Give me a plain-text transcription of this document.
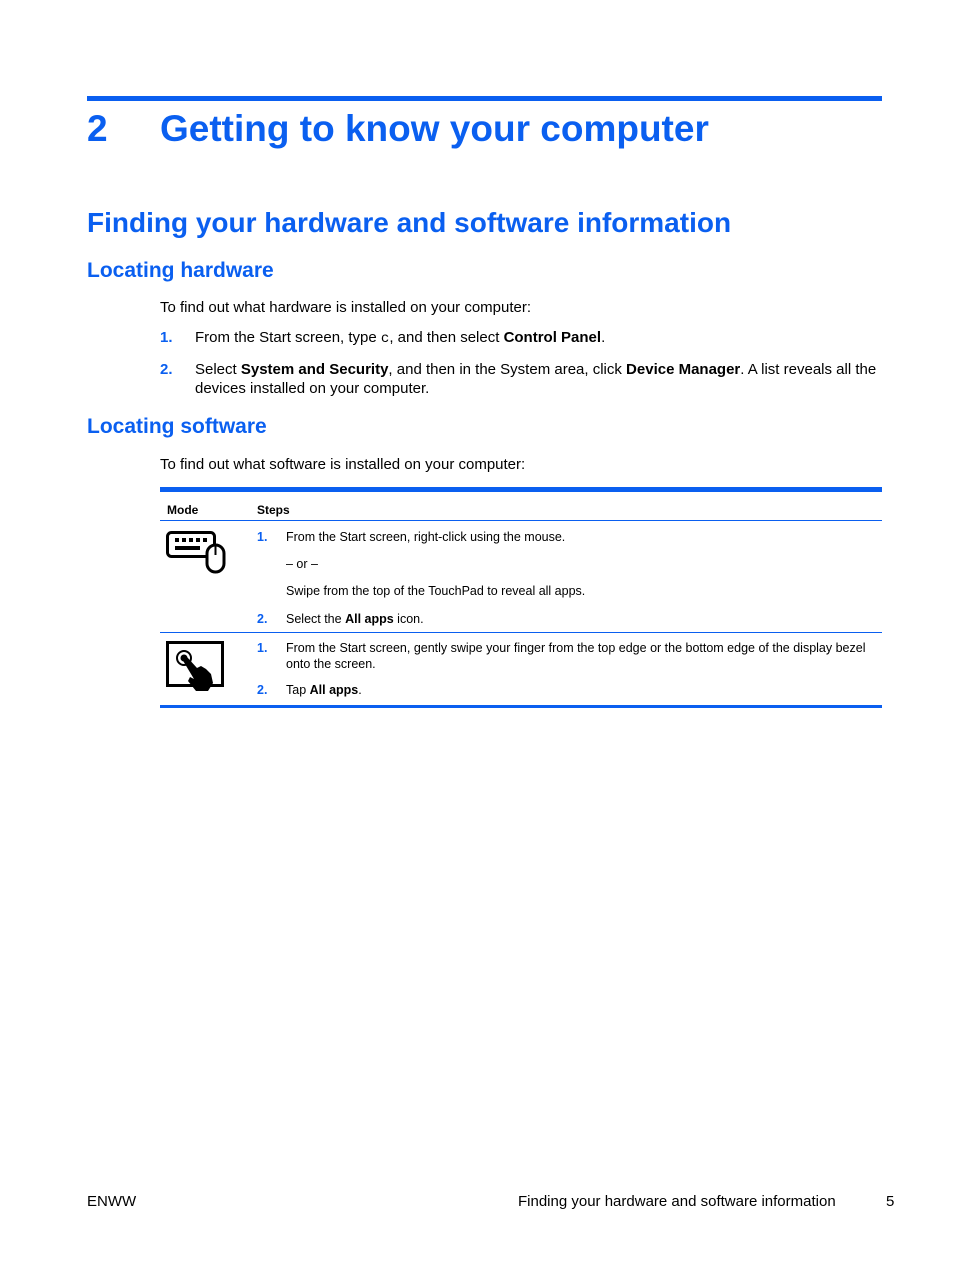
2 Getting to know your computer
Finding your hardware and software information
Locating hardware
To find out what hardware is installed on your computer:
1. From the Start screen, type c, and then select Control Panel.
2. Select System and Security, and then in the System area, click Device Manager. A list reveals all the devices installed on your computer.
Locating software
To find out what software is installed on your computer:
Mode	Steps
1. From the Start screen, right-click using the mouse.
– or –
Swipe from the top of the TouchPad to reveal all apps.
2. Select the All apps icon.
1. From the Start screen, gently swipe your finger from the top edge or the bottom edge of the display bezel onto the screen.
2. Tap All apps.
ENWW	Finding your hardware and software information	5
